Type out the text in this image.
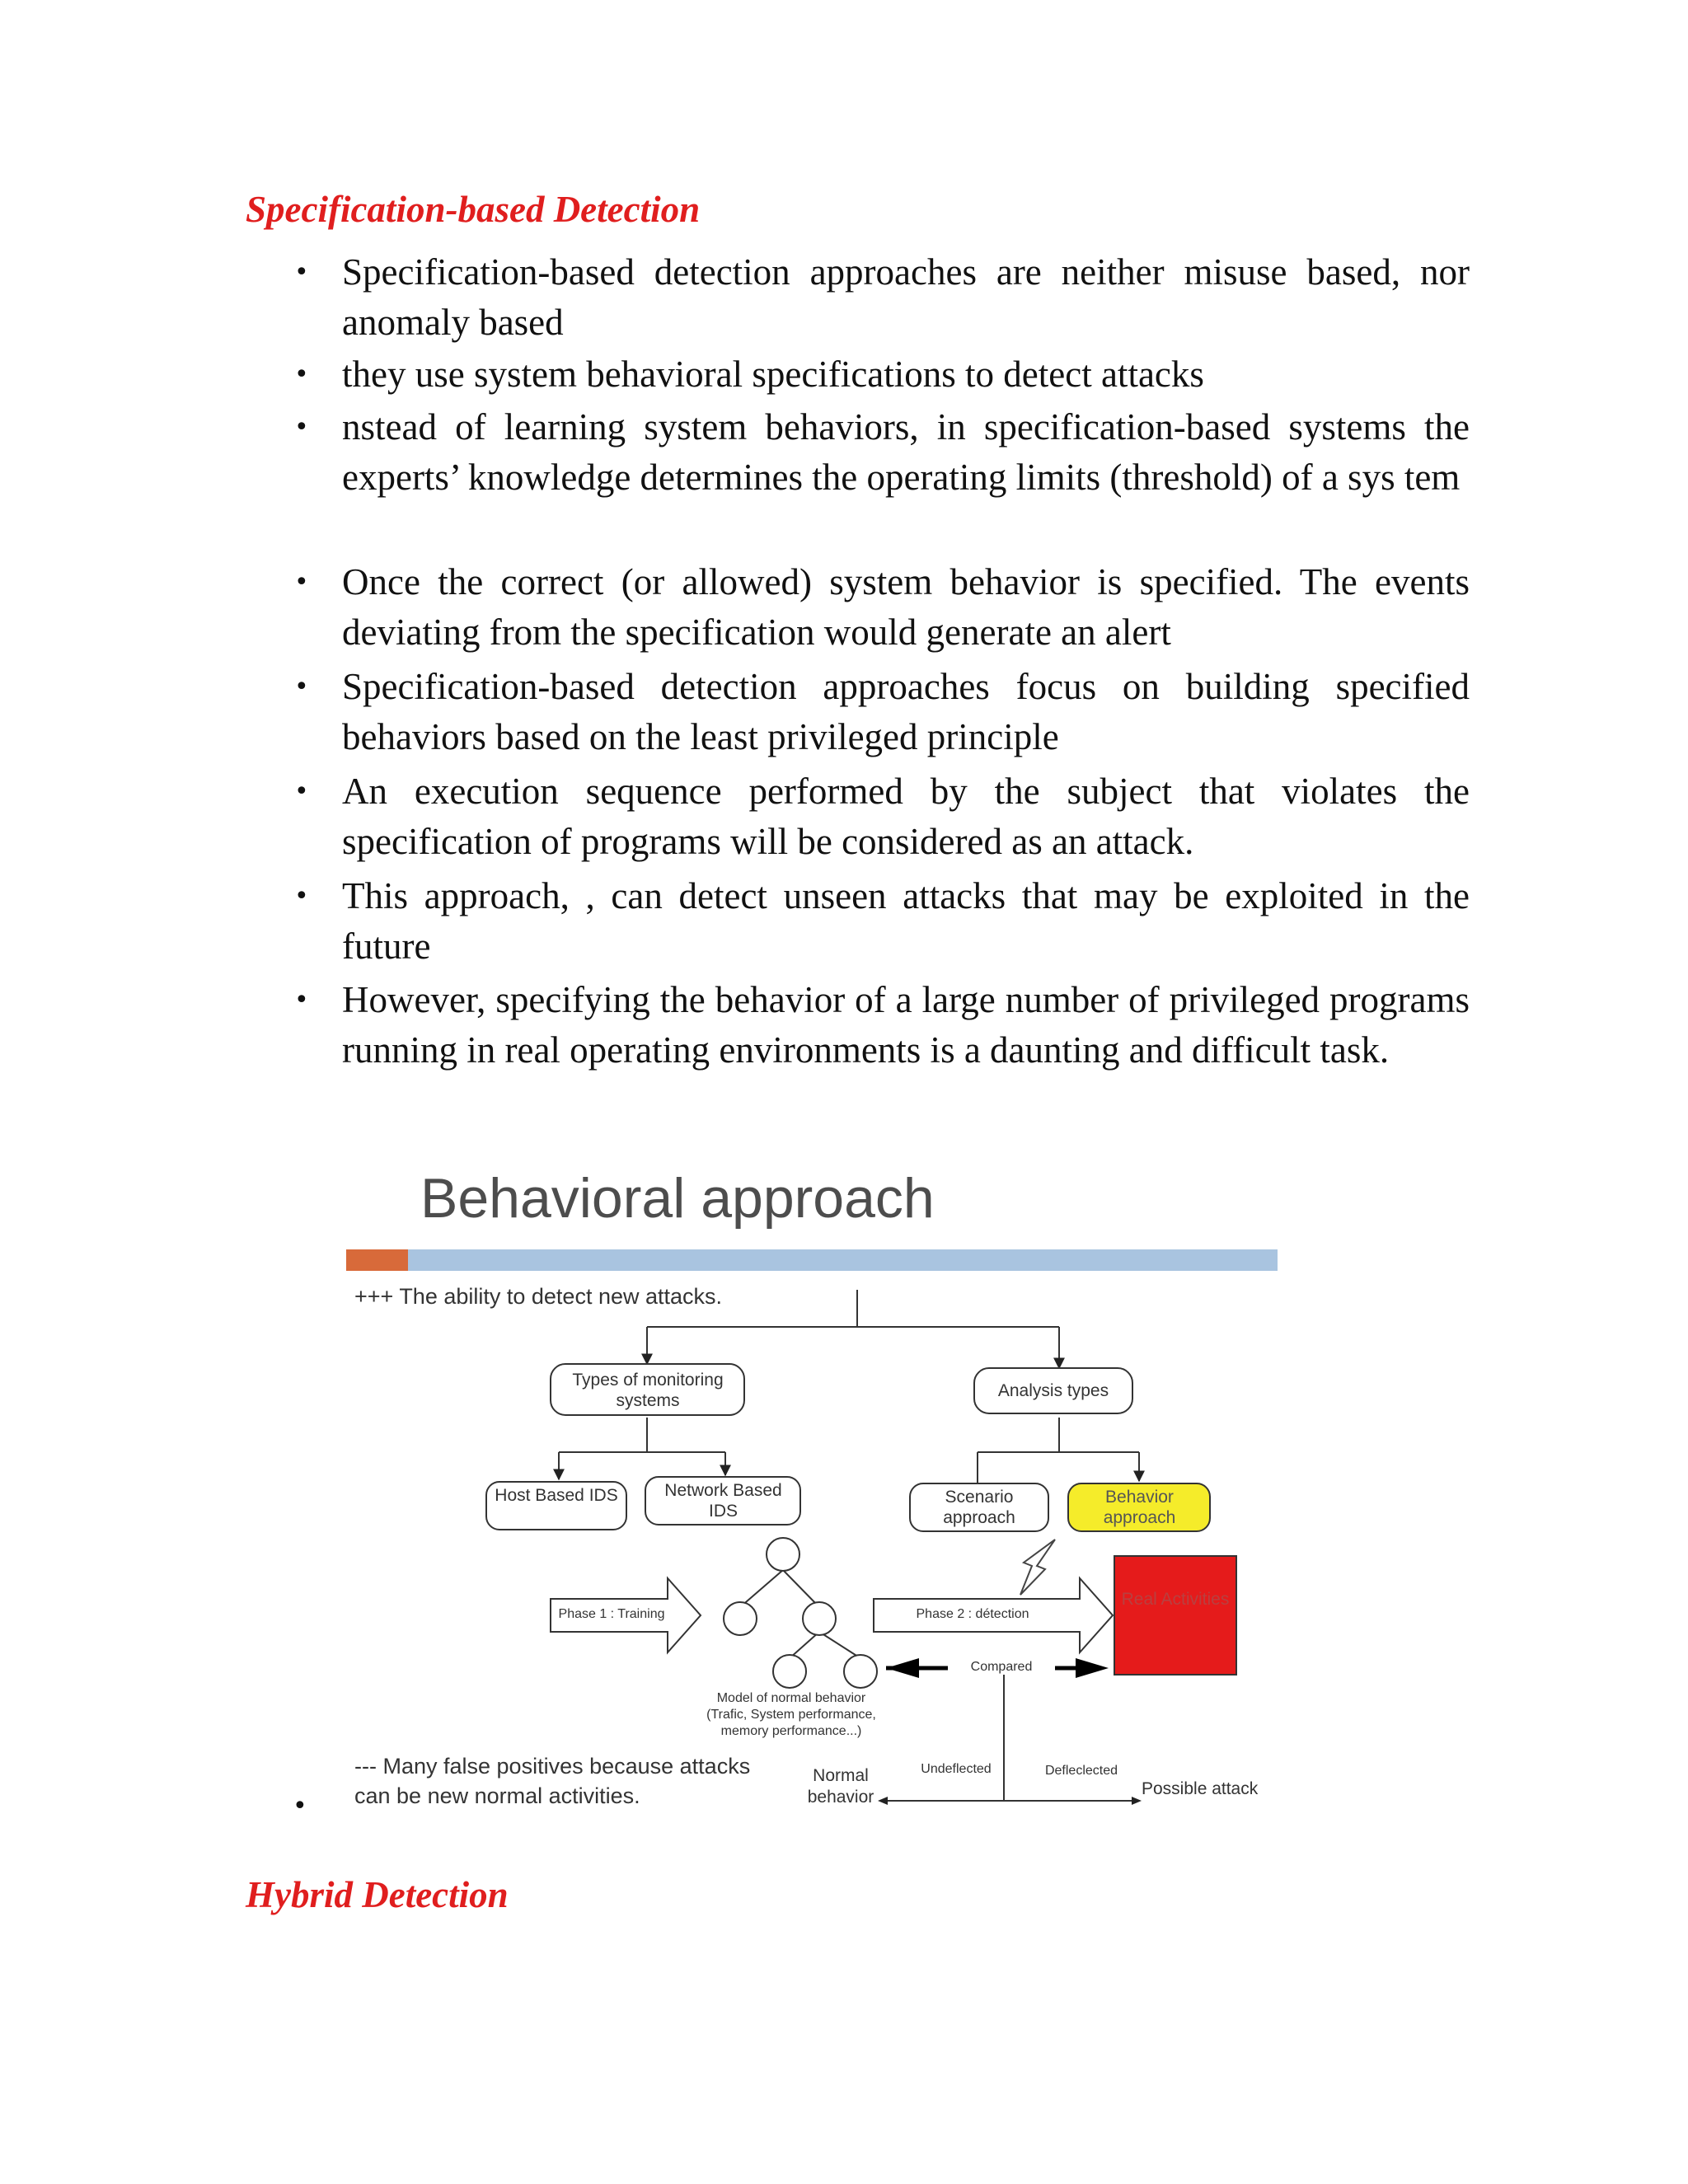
Specification-based Detection
• Specification-based detection approaches are neither misuse based, nor anomaly based
• they use system behavioral specifications to detect attacks
• nstead of learning system behaviors, in specification-based systems the experts’ knowledge determines the operating limits (threshold) of a sys tem
• Once the correct (or allowed) system behavior is specified. The events deviating from the specification would generate an alert
• Specification-based detection approaches focus on building specified behaviors based on the least privileged principle
• An execution sequence performed by the subject that violates the specification of programs will be considered as an attack.
• This approach, , can detect unseen attacks that may be exploited in the future
• However, specifying the behavior of a large number of privileged programs running in real operating environments is a daunting and difficult task.
Behavioral approach
+++ The ability to detect new attacks.
Types of monitoring systems
Analysis types
Host Based IDS	Network Based IDS
Scenario approach
Behavior approach
Real Activities
Phase 1 : Training	Phase 2 : détection
Compared
Model of normal behavior
(Trafic, System performance,
memory performance...)
Undeflected	Defleclected
Possible attack
Normal behavior
--- Many false positives because attacks
can be new normal activities.
•
Hybrid Detection
